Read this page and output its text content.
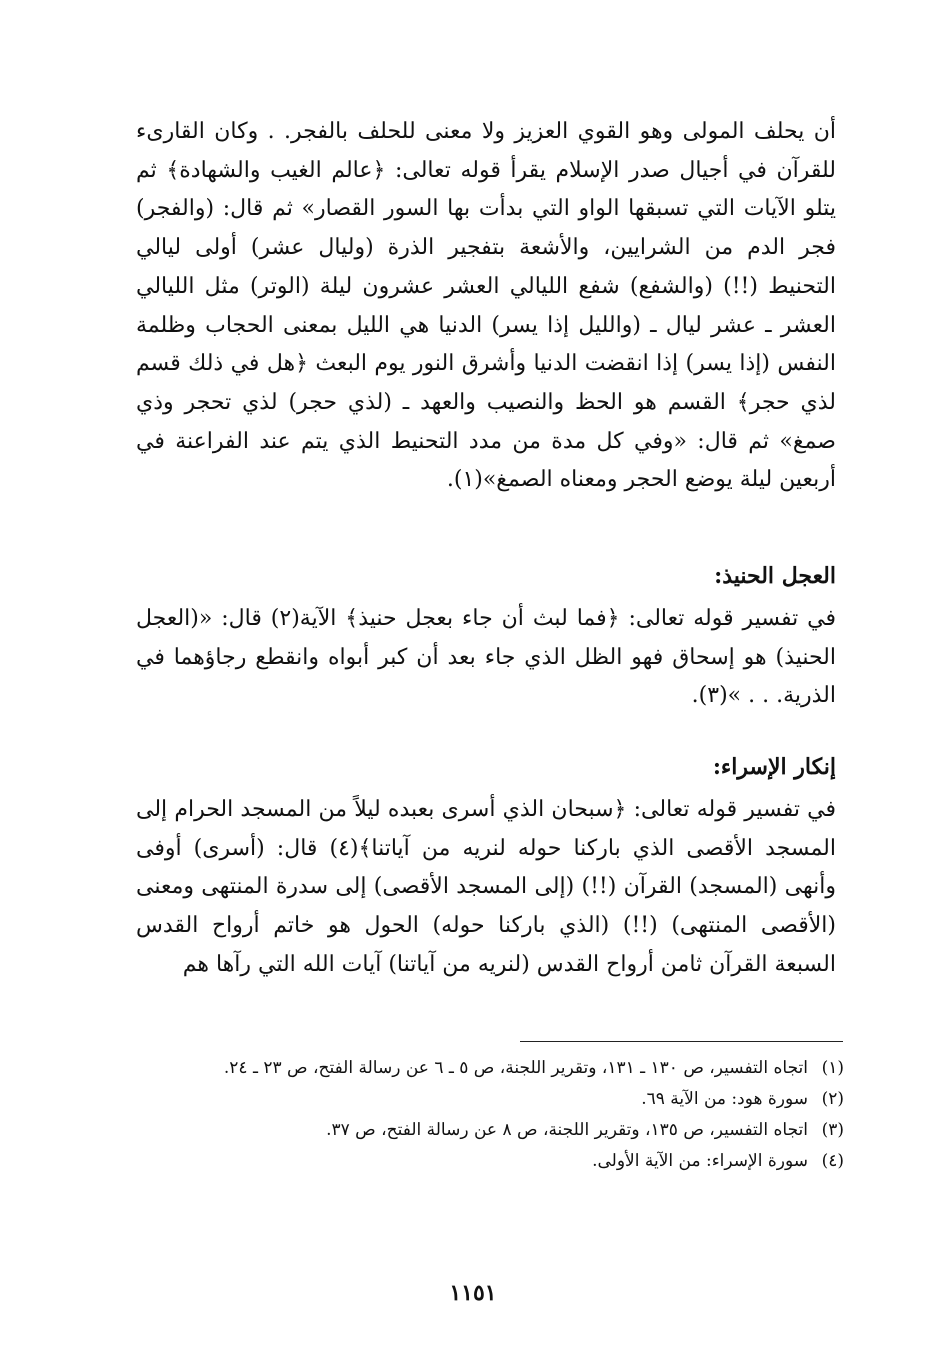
أن يحلف المولى وهو القوي العزيز ولا معنى للحلف بالفجر. . وكان القارىء للقرآن في أجيال صدر الإسلام يقرأ قوله تعالى: ﴿عالم الغيب والشهادة﴾ ثم يتلو الآيات التي تسبقها الواو التي بدأت بها السور القصار» ثم قال: (والفجر) فجر الدم من الشرايين، والأشعة بتفجير الذرة (وليال عشر) أولى ليالي التحنيط (!!) (والشفع) شفع الليالي العشر عشرون ليلة (الوتر) مثل الليالي العشر ـ عشر ليال ـ (والليل إذا يسر) الدنيا هي الليل بمعنى الحجاب وظلمة النفس (إذا يسر) إذا انقضت الدنيا وأشرق النور يوم البعث ﴿هل في ذلك قسم لذي حجر﴾ القسم هو الحظ والنصيب والعهد ـ (لذي حجر) لذي تحجر وذي صمغ» ثم قال: «وفي كل مدة من مدد التحنيط الذي يتم عند الفراعنة في أربعين ليلة يوضع الحجر ومعناه الصمغ»(١).

العجل الحنيذ:

في تفسير قوله تعالى: ﴿فما لبث أن جاء بعجل حنيذ﴾ الآية(٢) قال: «(العجل الحنيذ) هو إسحاق فهو الظل الذي جاء بعد أن كبر أبواه وانقطع رجاؤهما في الذرية. . . »(٣).

إنكار الإسراء:

في تفسير قوله تعالى: ﴿سبحان الذي أسرى بعبده ليلاً من المسجد الحرام إلى المسجد الأقصى الذي باركنا حوله لنريه من آياتنا﴾(٤) قال: (أسرى) أوفى وأنهى (المسجد) القرآن (!!) (إلى المسجد الأقصى) إلى سدرة المنتهى ومعنى (الأقصى المنتهى) (!!) (الذي باركنا حوله) الحول هو خاتم أرواح القدس السبعة القرآن ثامن أرواح القدس (لنريه من آياتنا) آيات الله التي رآها هم

(١)
اتجاه التفسير، ص ١٣٠ ـ ١٣١، وتقرير اللجنة، ص ٥ ـ ٦ عن رسالة الفتح، ص ٢٣ ـ ٢٤.
(٢)
سورة هود: من الآية ٦٩.
(٣)
اتجاه التفسير، ص ١٣٥، وتقرير اللجنة، ص ٨ عن رسالة الفتح، ص ٣٧.
(٤)
سورة الإسراء: من الآية الأولى.
١١٥١
